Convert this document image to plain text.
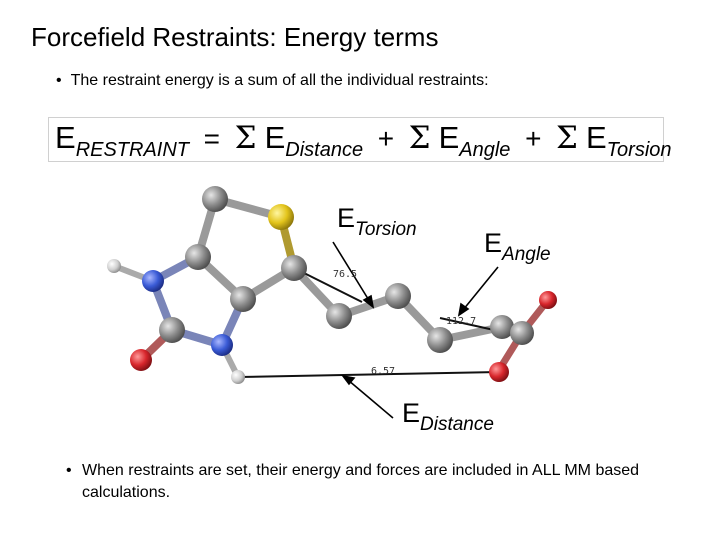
Forcefield Restraints: Energy terms
• The restraint energy is a sum of all the individual restraints:
$E_{RESTRAINT} = \Sigma$ $E_{Distance} + \Sigma$ $E_{Angle} + \Sigma$ $E_{Torsion}$
76.5
112.7
6.57
$E_{Torsion}$ $E_{Angle}$
$E_{Distance}$
• When restraints are set, their energy and forces are included in ALL MM based calculations.
